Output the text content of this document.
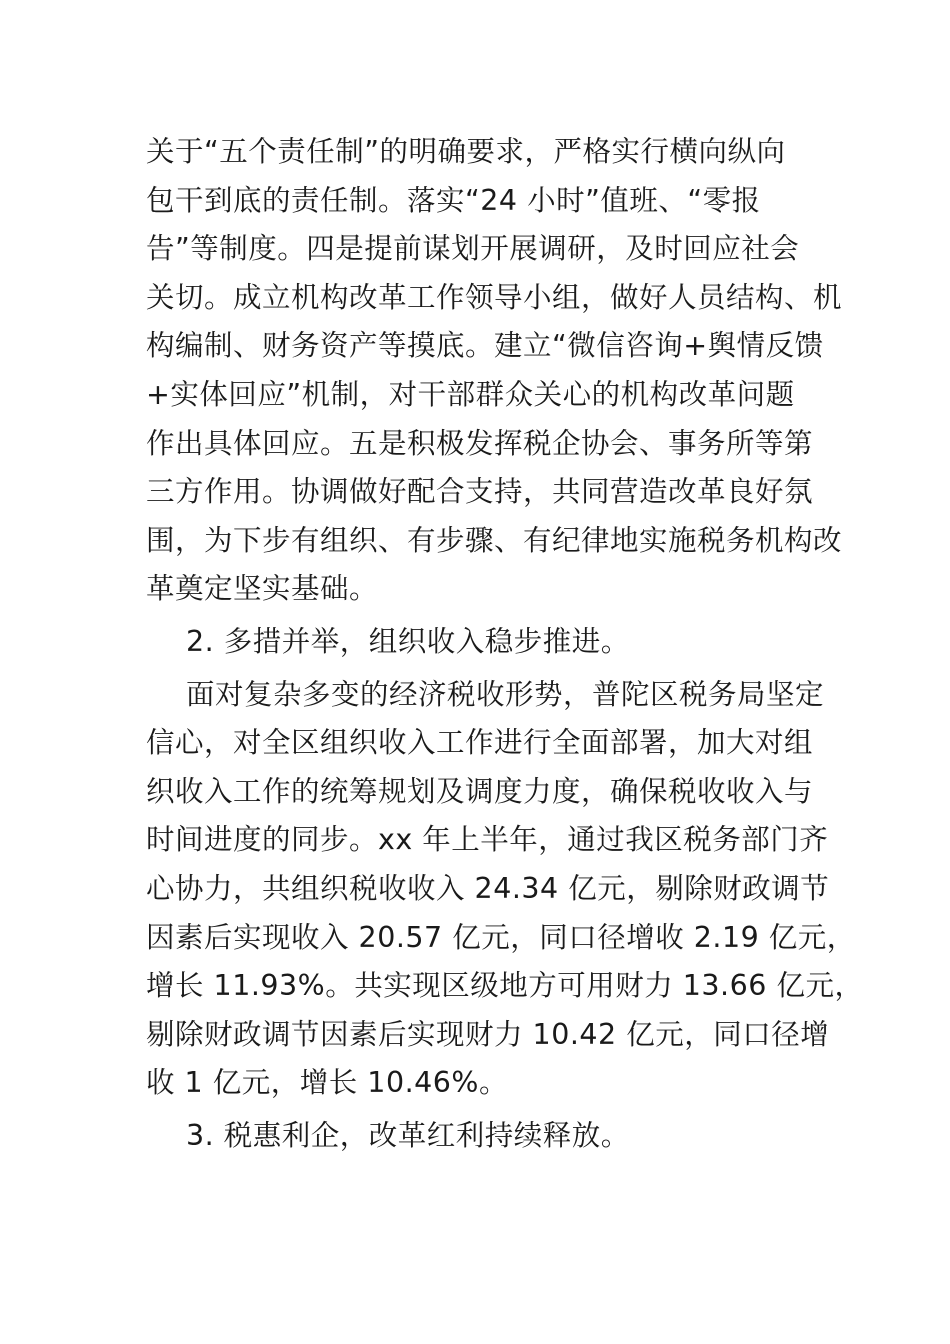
关于“五个责任制”的明确要求，严格实行横向纵向
包干到底的责任制。落实“24 小时”值班、“零报
告”等制度。四是提前谋划开展调研，及时回应社会
关切。成立机构改革工作领导小组，做好人员结构、机
构编制、财务资产等摸底。建立“微信咨询+舆情反馈
+实体回应”机制，对干部群众关心的机构改革问题
作出具体回应。五是积极发挥税企协会、事务所等第
三方作用。协调做好配合支持，共同营造改革良好氛
围，为下步有组织、有步骤、有纪律地实施税务机构改
革奠定坚实基础。
2. 多措并举，组织收入稳步推进。
面对复杂多变的经济税收形势，普陀区税务局坚定
信心，对全区组织收入工作进行全面部署，加大对组
织收入工作的统筹规划及调度力度，确保税收收入与
时间进度的同步。xx 年上半年，通过我区税务部门齐
心协力，共组织税收收入 24.34 亿元，剔除财政调节
因素后实现收入 20.57 亿元，同口径增收 2.19 亿元，
增长 11.93%。共实现区级地方可用财力 13.66 亿元，
剔除财政调节因素后实现财力 10.42 亿元，同口径增
收 1 亿元，增长 10.46%。
3. 税惠利企，改革红利持续释放。
